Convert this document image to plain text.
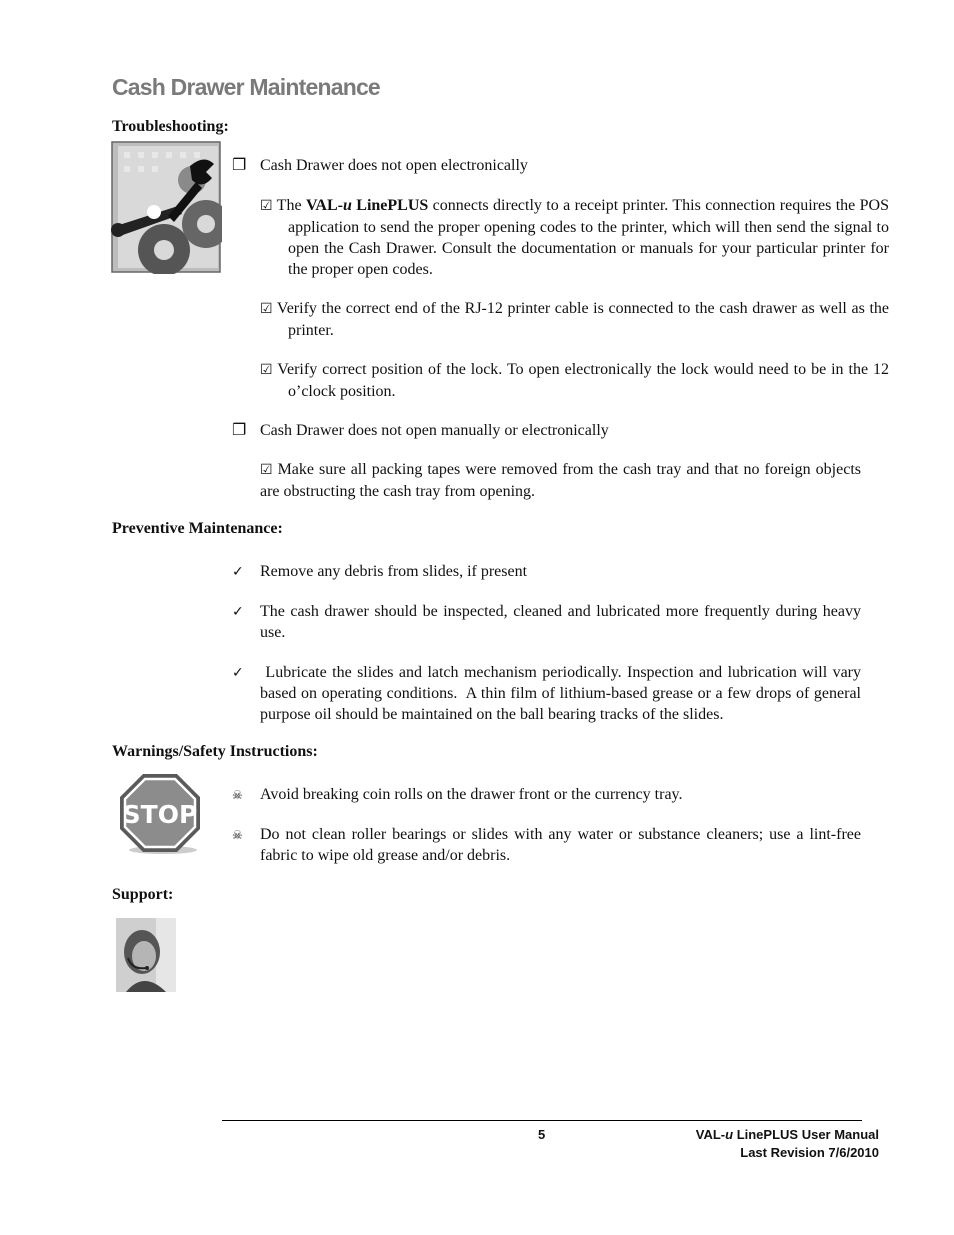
Cash Drawer Maintenance
Troubleshooting:
❐ Cash Drawer does not open electronically
☑ The VAL-u LinePLUS connects directly to a receipt printer. This connection requires the POS application to send the proper opening codes to the printer, which will then send the signal to open the Cash Drawer. Consult the documentation or manuals for your particular printer for the proper open codes.
☑ Verify the correct end of the RJ-12 printer cable is connected to the cash drawer as well as the printer.
☑ Verify correct position of the lock. To open electronically the lock would need to be in the 12 o’clock position.
❐ Cash Drawer does not open manually or electronically
☑ Make sure all packing tapes were removed from the cash tray and that no foreign objects are obstructing the cash tray from opening.
Preventive Maintenance:
✓ Remove any debris from slides, if present
✓ The cash drawer should be inspected, cleaned and lubricated more frequently during heavy use.
✓ Lubricate the slides and latch mechanism periodically. Inspection and lubrication will vary based on operating conditions.  A thin film of lithium-based grease or a few drops of general purpose oil should be maintained on the ball bearing tracks of the slides.
Warnings/Safety Instructions:
STOP
☠ Avoid breaking coin rolls on the drawer front or the currency tray.
☠ Do not clean roller bearings or slides with any water or substance cleaners; use a lint-free fabric to wipe old grease and/or debris.
Support:
5	VAL-u LinePLUS User Manual
Last Revision 7/6/2010
